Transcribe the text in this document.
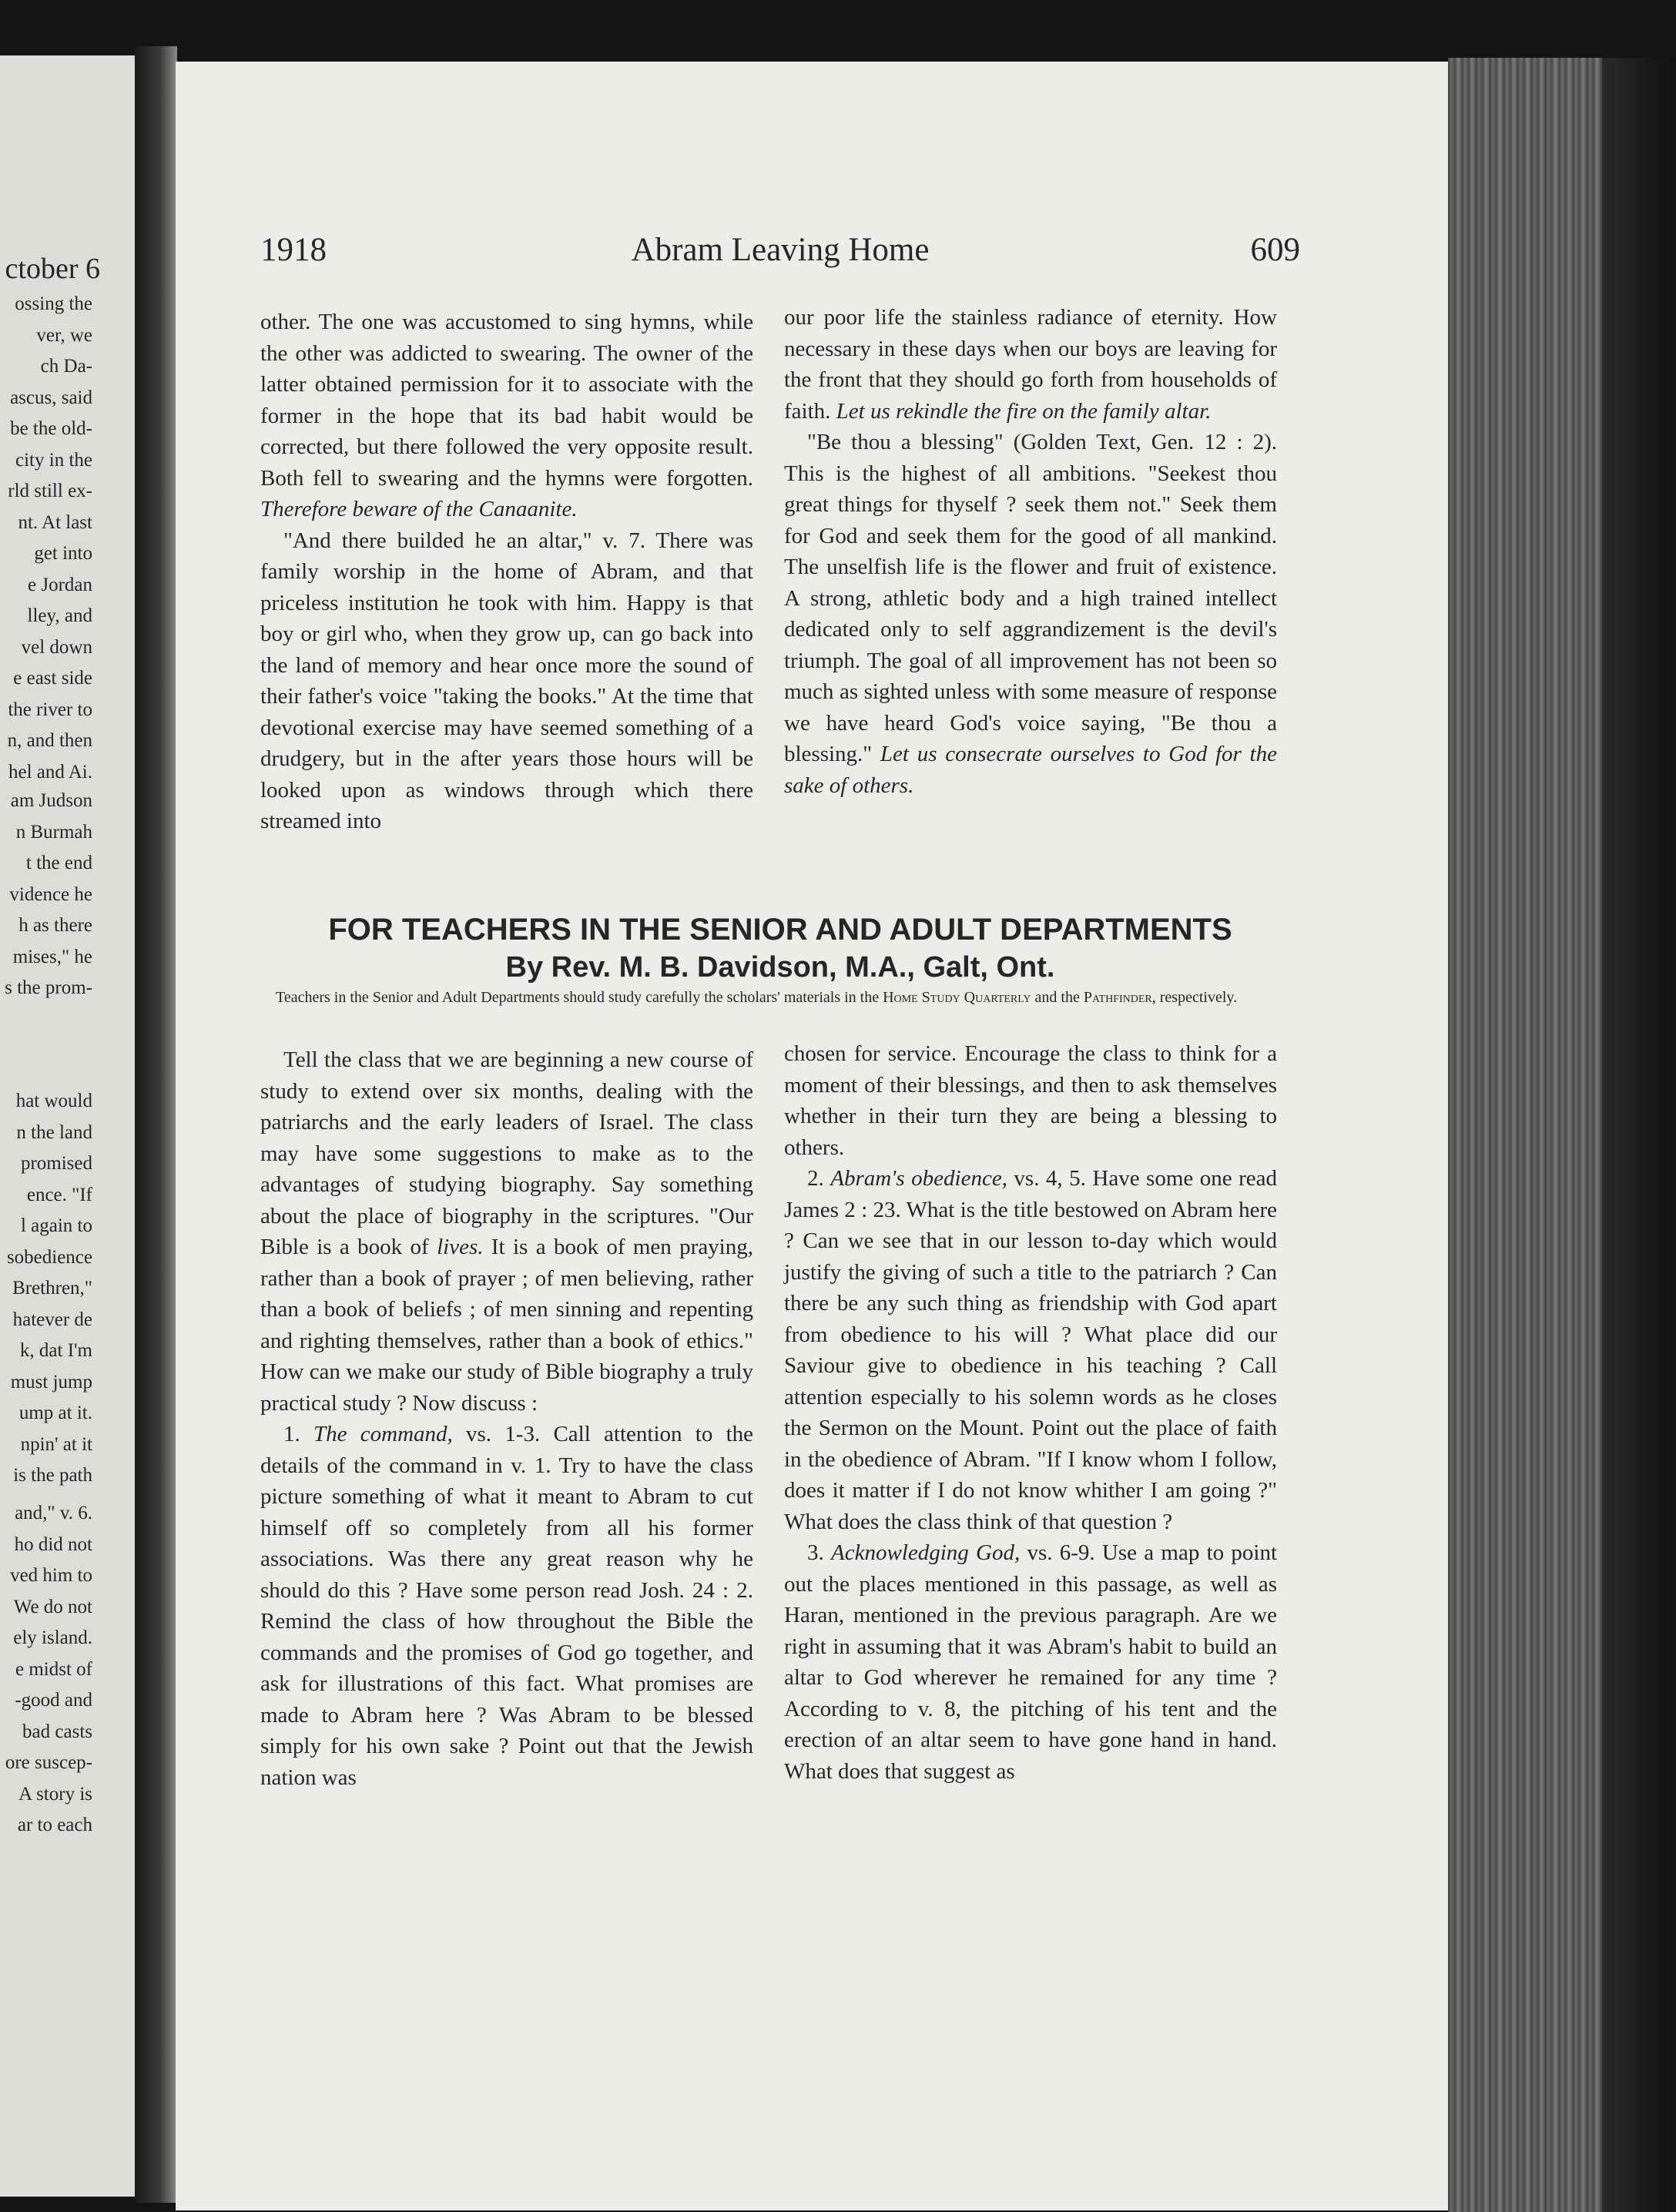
ctober 6
ossing the
ver, we
ch Da-
ascus, said
be the old-
city in the
rld still ex-
nt. At last
get into
e Jordan
lley, and
vel down
e east side
the river to
n, and then
hel and Ai.
am Judson
n Burmah
t the end
vidence he
h as there
mises," he
s the prom-
hat would
n the land
promised
ence. "If
l again to
sobedience
Brethren,"
hatever de
k, dat I'm
must jump
ump at it.
npin' at it
is the path
and," v. 6.
ho did not
ved him to
We do not
ely island.
e midst of
-good and
bad casts
ore suscep-
A story is
ar to each
1918	Abram Leaving Home	609

other. The one was accustomed to sing hymns, while the other was addicted to swearing. The owner of the latter obtained permission for it to associate with the former in the hope that its bad habit would be corrected, but there followed the very opposite result. Both fell to swearing and the hymns were forgotten. Therefore beware of the Canaanite.

"And there builded he an altar," v. 7. There was family worship in the home of Abram, and that priceless institution he took with him. Happy is that boy or girl who, when they grow up, can go back into the land of memory and hear once more the sound of their father's voice "taking the books." At the time that devotional exercise may have seemed something of a drudgery, but in the after years those hours will be looked upon as windows through which there streamed into

our poor life the stainless radiance of eternity. How necessary in these days when our boys are leaving for the front that they should go forth from households of faith. Let us rekindle the fire on the family altar.

"Be thou a blessing" (Golden Text, Gen. 12 : 2). This is the highest of all ambitions. "Seekest thou great things for thyself ? seek them not." Seek them for God and seek them for the good of all mankind. The unselfish life is the flower and fruit of existence. A strong, athletic body and a high trained intellect dedicated only to self aggrandizement is the devil's triumph. The goal of all improvement has not been so much as sighted unless with some measure of response we have heard God's voice saying, "Be thou a blessing." Let us consecrate ourselves to God for the sake of others.

FOR TEACHERS IN THE SENIOR AND ADULT DEPARTMENTS
By Rev. M. B. Davidson, M.A., Galt, Ont.
Teachers in the Senior and Adult Departments should study carefully the scholars' materials in the Home Study Quarterly and the Pathfinder, respectively.

Tell the class that we are beginning a new course of study to extend over six months, dealing with the patriarchs and the early leaders of Israel. The class may have some suggestions to make as to the advantages of studying biography. Say something about the place of biography in the scriptures. "Our Bible is a book of lives. It is a book of men praying, rather than a book of prayer ; of men believing, rather than a book of beliefs ; of men sinning and repenting and righting themselves, rather than a book of ethics." How can we make our study of Bible biography a truly practical study ? Now discuss :

1. The command, vs. 1-3. Call attention to the details of the command in v. 1. Try to have the class picture something of what it meant to Abram to cut himself off so completely from all his former associations. Was there any great reason why he should do this ? Have some person read Josh. 24 : 2. Remind the class of how throughout the Bible the commands and the promises of God go together, and ask for illustrations of this fact. What promises are made to Abram here ? Was Abram to be blessed simply for his own sake ? Point out that the Jewish nation was

chosen for service. Encourage the class to think for a moment of their blessings, and then to ask themselves whether in their turn they are being a blessing to others.

2. Abram's obedience, vs. 4, 5. Have some one read James 2 : 23. What is the title bestowed on Abram here ? Can we see that in our lesson to-day which would justify the giving of such a title to the patriarch ? Can there be any such thing as friendship with God apart from obedience to his will ? What place did our Saviour give to obedience in his teaching ? Call attention especially to his solemn words as he closes the Sermon on the Mount. Point out the place of faith in the obedience of Abram. "If I know whom I follow, does it matter if I do not know whither I am going ?" What does the class think of that question ?

3. Acknowledging God, vs. 6-9. Use a map to point out the places mentioned in this passage, as well as Haran, mentioned in the previous paragraph. Are we right in assuming that it was Abram's habit to build an altar to God wherever he remained for any time ? According to v. 8, the pitching of his tent and the erection of an altar seem to have gone hand in hand. What does that suggest as
